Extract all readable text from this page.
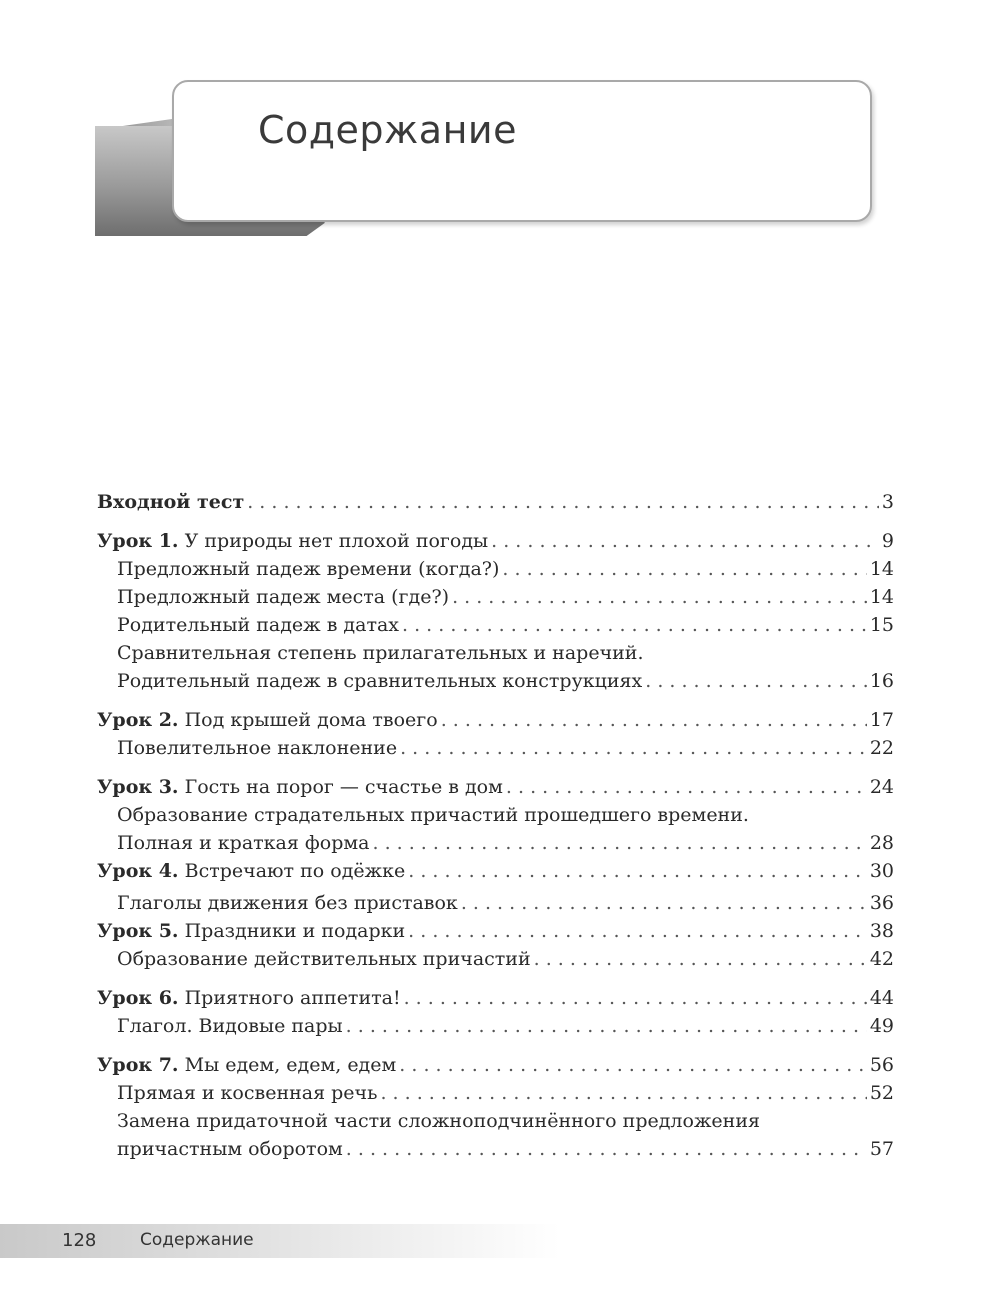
Содержание
Входной тест . . .	3
Урок 1. У природы нет плохой погоды . . .	9
Предложный падеж времени (когда?) . . .	14
Предложный падеж места (где?) . . .	14
Родительный падеж в датах . . .	15
Сравнительная степень прилагательных и наречий.
Родительный падеж в сравнительных конструкциях . . .	16
Урок 2. Под крышей дома твоего . . .	17
Повелительное наклонение . . .	22
Урок 3. Гость на порог — счастье в дом . . .	24
Образование страдательных причастий прошедшего времени.
Полная и краткая форма . . .	28
Урок 4. Встречают по одёжке . . .	30
Глаголы движения без приставок . . .	36
Урок 5. Праздники и подарки . . .	38
Образование действительных причастий . . .	42
Урок 6. Приятного аппетита! . . .	44
Глагол. Видовые пары . . .	49
Урок 7. Мы едем, едем, едем . . .	56
Прямая и косвенная речь . . .	52
Замена придаточной части сложноподчинённого предложения
причастным оборотом . . .	57
128	Содержание
